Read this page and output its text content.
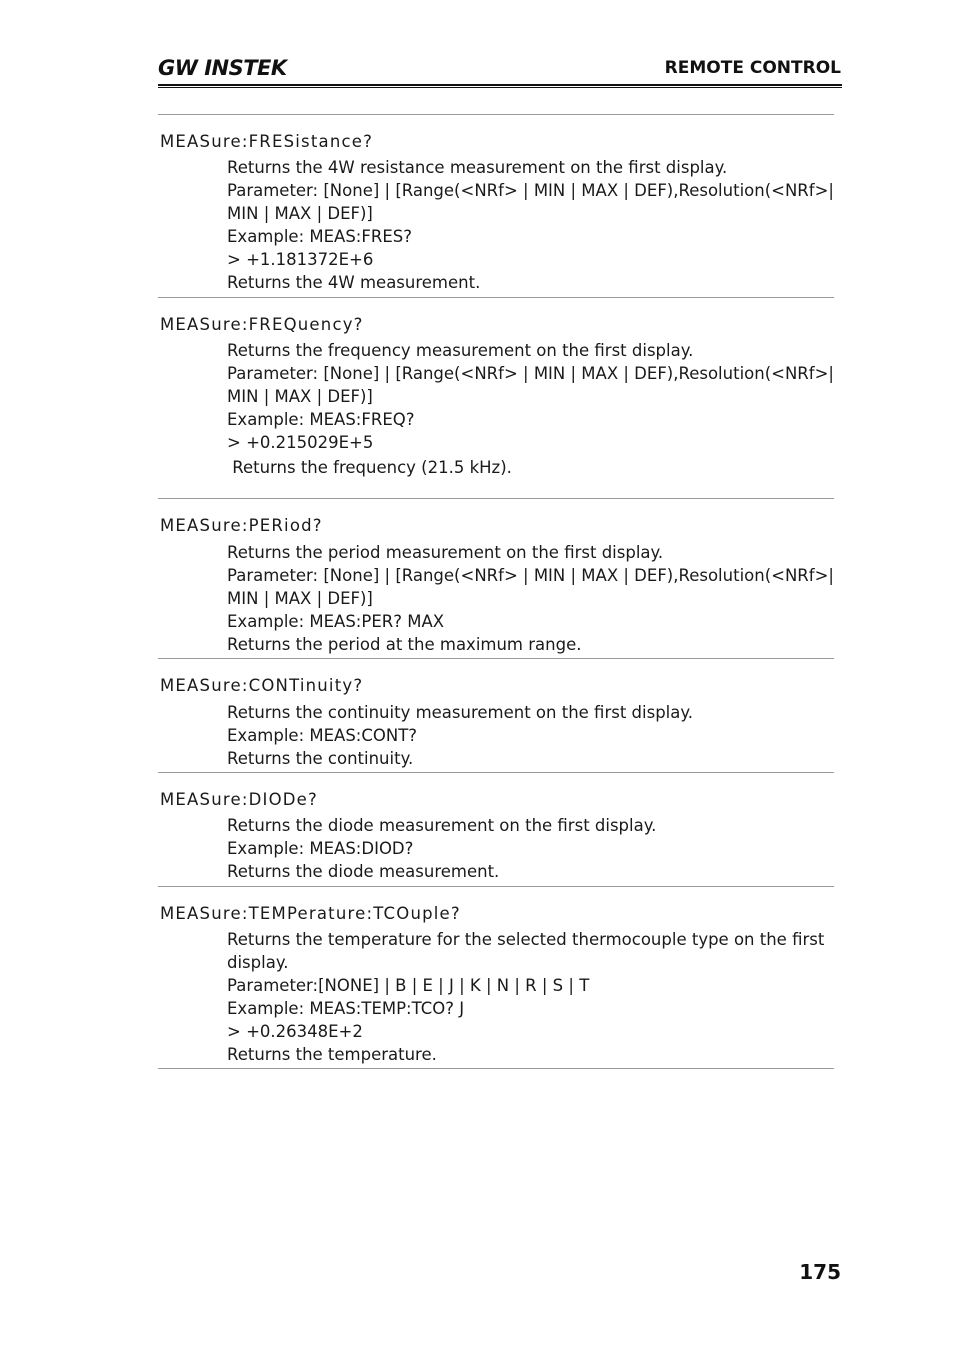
GW INSTEK	REMOTE CONTROL
MEASure:FRESistance?
Returns the 4W resistance measurement on the first display.
Parameter: [None] | [Range(<NRf> | MIN | MAX | DEF),Resolution(<NRf>|
MIN | MAX | DEF)]
Example: MEAS:FRES?
> +1.181372E+6
Returns the 4W measurement.
MEASure:FREQuency?
Returns the frequency measurement on the first display.
Parameter: [None] | [Range(<NRf> | MIN | MAX | DEF),Resolution(<NRf>|
MIN | MAX | DEF)]
Example: MEAS:FREQ?
> +0.215029E+5
Returns the frequency (21.5 kHz).
MEASure:PERiod?
Returns the period measurement on the first display.
Parameter: [None] | [Range(<NRf> | MIN | MAX | DEF),Resolution(<NRf>|
MIN | MAX | DEF)]
Example: MEAS:PER? MAX
Returns the period at the maximum range.
MEASure:CONTinuity?
Returns the continuity measurement on the first display.
Example: MEAS:CONT?
Returns the continuity.
MEASure:DIODe?
Returns the diode measurement on the first display.
Example: MEAS:DIOD?
Returns the diode measurement.
MEASure:TEMPerature:TCOuple?
Returns the temperature for the selected thermocouple type on the first
display.
Parameter:[NONE] | B | E | J | K | N | R | S | T
Example: MEAS:TEMP:TCO? J
> +0.26348E+2
Returns the temperature.
175
